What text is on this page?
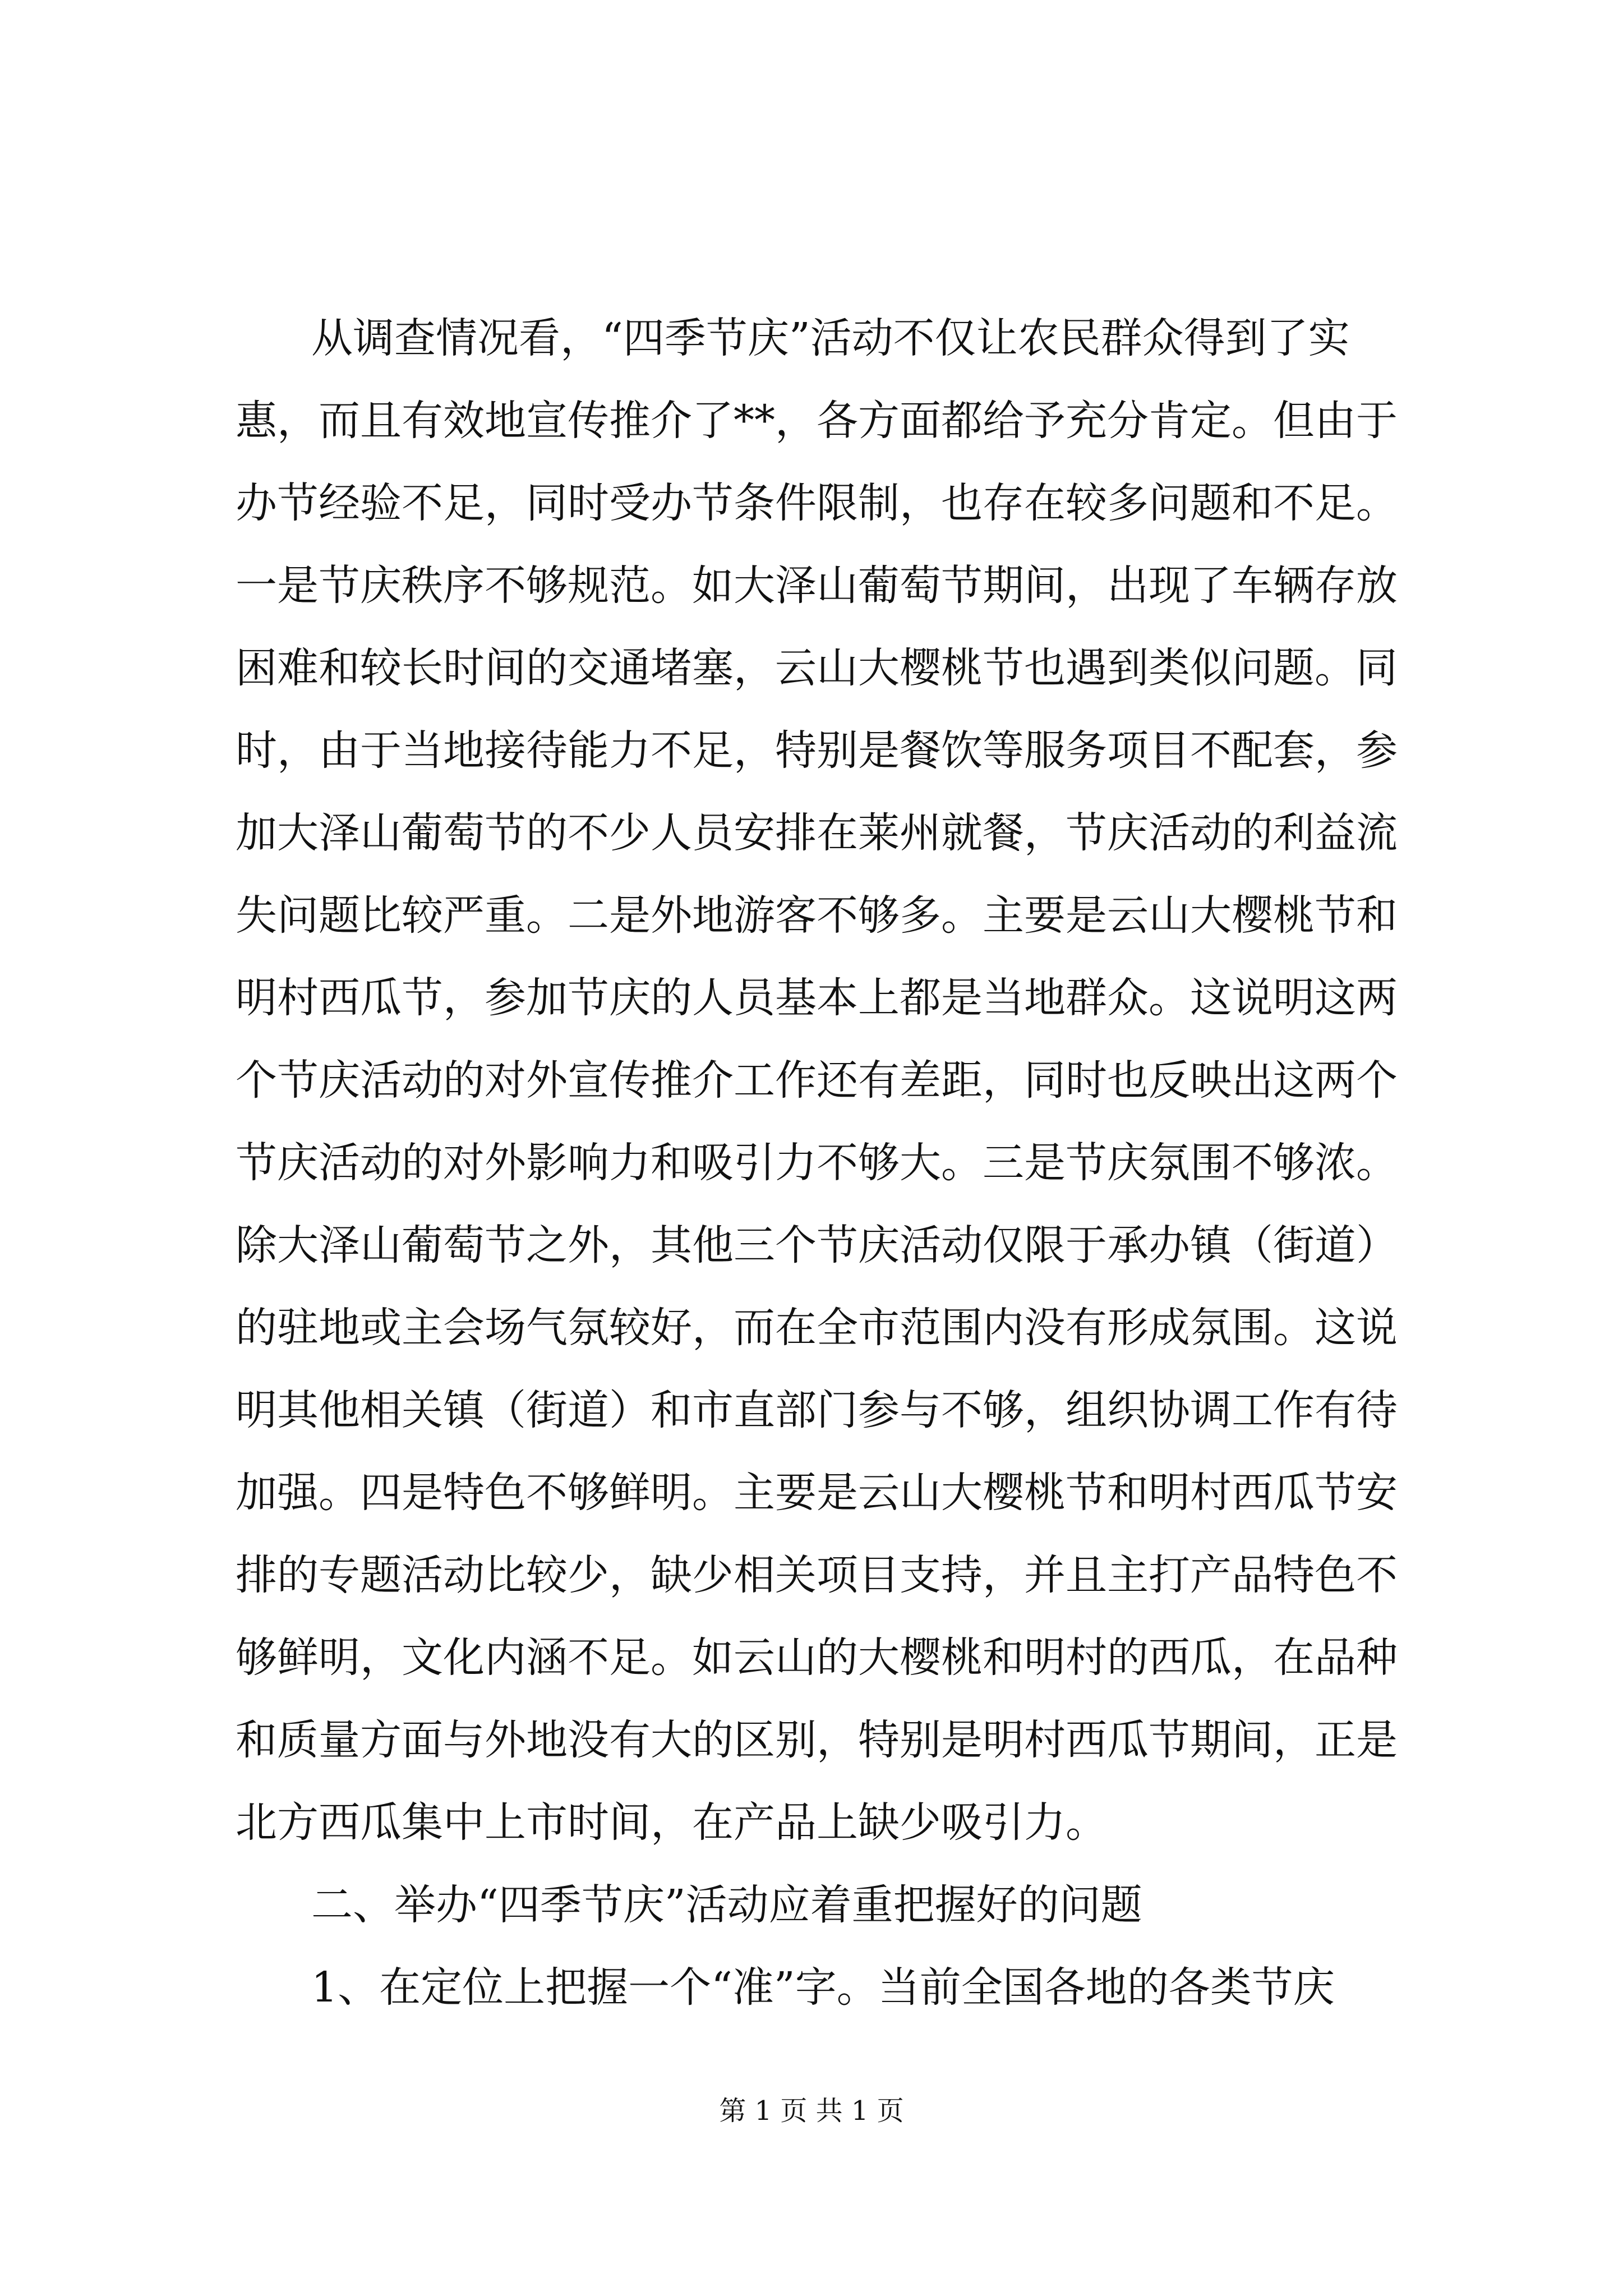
从调查情况看，“四季节庆”活动不仅让农民群众得到了实
惠，而且有效地宣传推介了**，各方面都给予充分肯定。但由于
办节经验不足，同时受办节条件限制，也存在较多问题和不足。
一是节庆秩序不够规范。如大泽山葡萄节期间，出现了车辆存放
困难和较长时间的交通堵塞，云山大樱桃节也遇到类似问题。同
时，由于当地接待能力不足，特别是餐饮等服务项目不配套，参
加大泽山葡萄节的不少人员安排在莱州就餐，节庆活动的利益流
失问题比较严重。二是外地游客不够多。主要是云山大樱桃节和
明村西瓜节，参加节庆的人员基本上都是当地群众。这说明这两
个节庆活动的对外宣传推介工作还有差距，同时也反映出这两个
节庆活动的对外影响力和吸引力不够大。三是节庆氛围不够浓。
除大泽山葡萄节之外，其他三个节庆活动仅限于承办镇（街道）
的驻地或主会场气氛较好，而在全市范围内没有形成氛围。这说
明其他相关镇（街道）和市直部门参与不够，组织协调工作有待
加强。四是特色不够鲜明。主要是云山大樱桃节和明村西瓜节安
排的专题活动比较少，缺少相关项目支持，并且主打产品特色不
够鲜明，文化内涵不足。如云山的大樱桃和明村的西瓜，在品种
和质量方面与外地没有大的区别，特别是明村西瓜节期间，正是
北方西瓜集中上市时间，在产品上缺少吸引力。
二、举办“四季节庆”活动应着重把握好的问题
1、在定位上把握一个“准”字。当前全国各地的各类节庆
第 1 页 共 1 页
